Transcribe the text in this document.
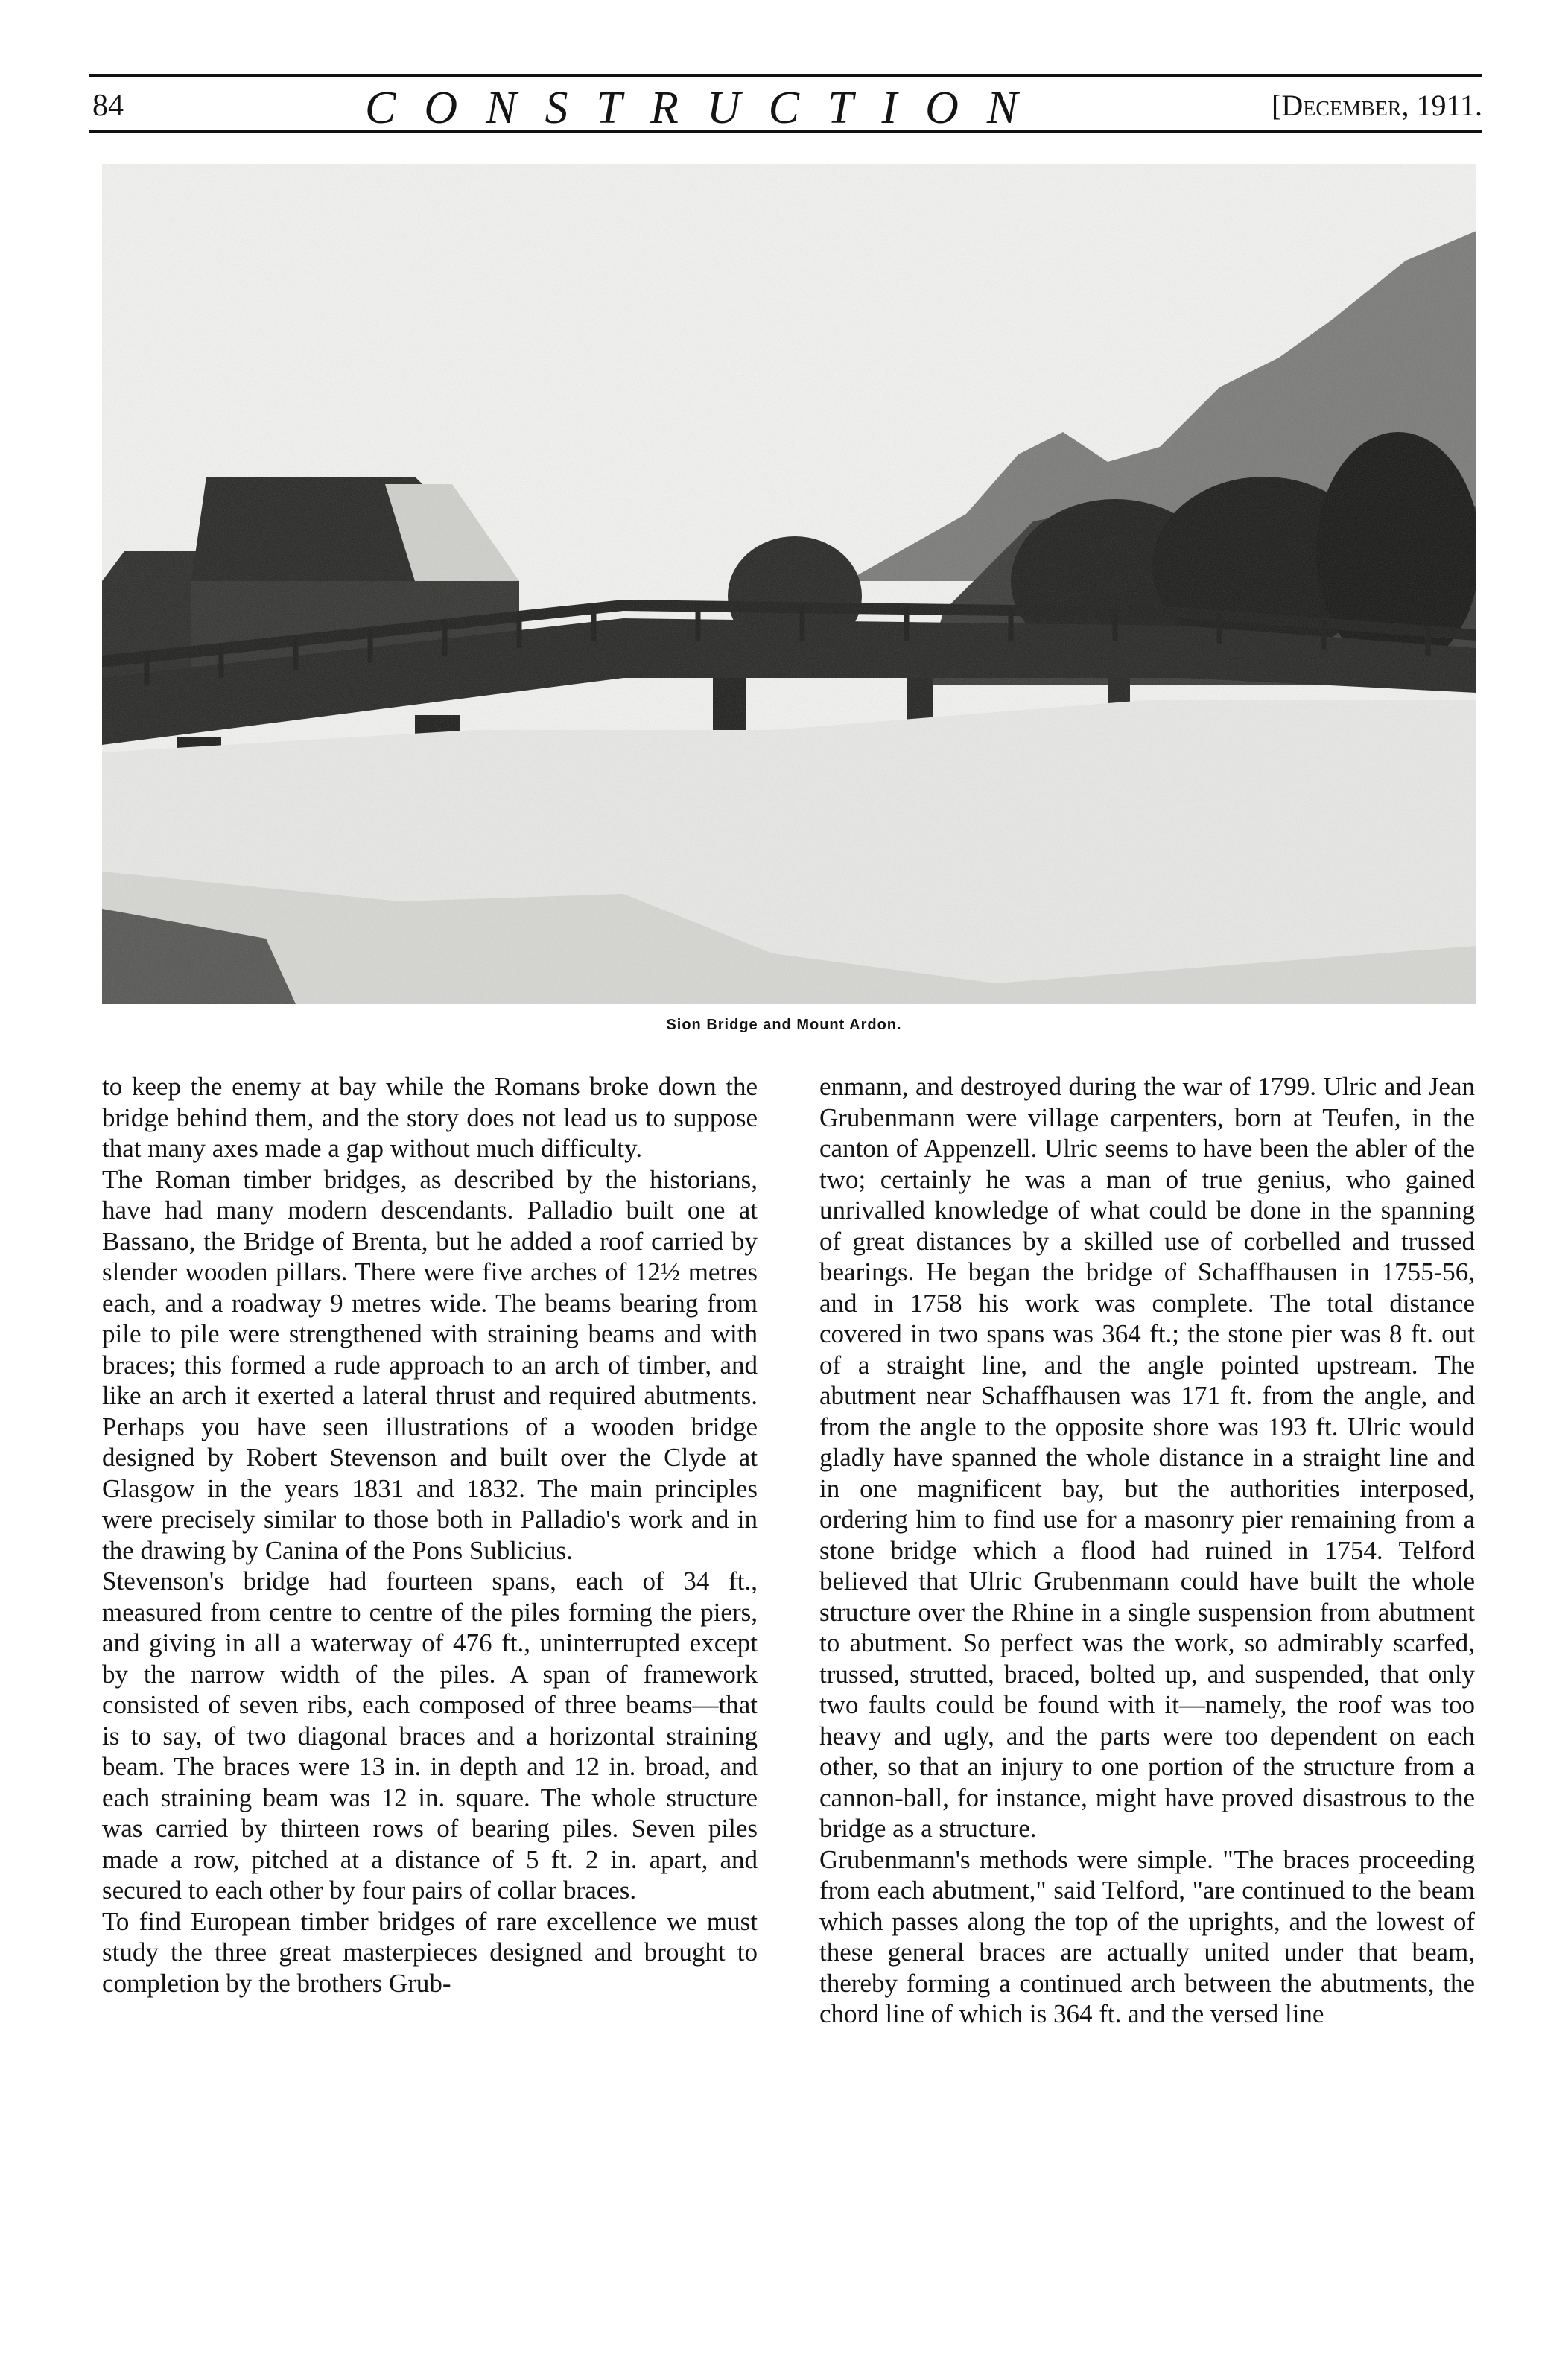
84	CONSTRUCTION	[December, 1911.
Sion Bridge and Mount Ardon.

to keep the enemy at bay while the Romans broke down the bridge behind them, and the story does not lead us to suppose that many axes made a gap without much difficulty.

The Roman timber bridges, as described by the historians, have had many modern descendants. Palladio built one at Bassano, the Bridge of Brenta, but he added a roof carried by slender wooden pillars. There were five arches of 12½ metres each, and a roadway 9 metres wide. The beams bearing from pile to pile were strengthened with straining beams and with braces; this formed a rude approach to an arch of timber, and like an arch it exerted a lateral thrust and required abutments. Perhaps you have seen illustrations of a wooden bridge designed by Robert Stevenson and built over the Clyde at Glasgow in the years 1831 and 1832. The main principles were precisely similar to those both in Palladio's work and in the drawing by Canina of the Pons Sublicius.

Stevenson's bridge had fourteen spans, each of 34 ft., measured from centre to centre of the piles forming the piers, and giving in all a waterway of 476 ft., uninterrupted except by the narrow width of the piles. A span of framework consisted of seven ribs, each composed of three beams—that is to say, of two diagonal braces and a horizontal straining beam. The braces were 13 in. in depth and 12 in. broad, and each straining beam was 12 in. square. The whole structure was carried by thirteen rows of bearing piles. Seven piles made a row, pitched at a distance of 5 ft. 2 in. apart, and secured to each other by four pairs of collar braces.

To find European timber bridges of rare excellence we must study the three great masterpieces designed and brought to completion by the brothers Grub-

enmann, and destroyed during the war of 1799. Ulric and Jean Grubenmann were village carpenters, born at Teufen, in the canton of Appenzell. Ulric seems to have been the abler of the two; certainly he was a man of true genius, who gained unrivalled knowledge of what could be done in the spanning of great distances by a skilled use of corbelled and trussed bearings. He began the bridge of Schaffhausen in 1755-56, and in 1758 his work was complete. The total distance covered in two spans was 364 ft.; the stone pier was 8 ft. out of a straight line, and the angle pointed upstream. The abutment near Schaffhausen was 171 ft. from the angle, and from the angle to the opposite shore was 193 ft. Ulric would gladly have spanned the whole distance in a straight line and in one magnificent bay, but the authorities interposed, ordering him to find use for a masonry pier remaining from a stone bridge which a flood had ruined in 1754. Telford believed that Ulric Grubenmann could have built the whole structure over the Rhine in a single suspension from abutment to abutment. So perfect was the work, so admirably scarfed, trussed, strutted, braced, bolted up, and suspended, that only two faults could be found with it—namely, the roof was too heavy and ugly, and the parts were too dependent on each other, so that an injury to one portion of the structure from a cannon-ball, for instance, might have proved disastrous to the bridge as a structure.

Grubenmann's methods were simple. "The braces proceeding from each abutment," said Telford, "are continued to the beam which passes along the top of the uprights, and the lowest of these general braces are actually united under that beam, thereby forming a continued arch between the abutments, the chord line of which is 364 ft. and the versed line
